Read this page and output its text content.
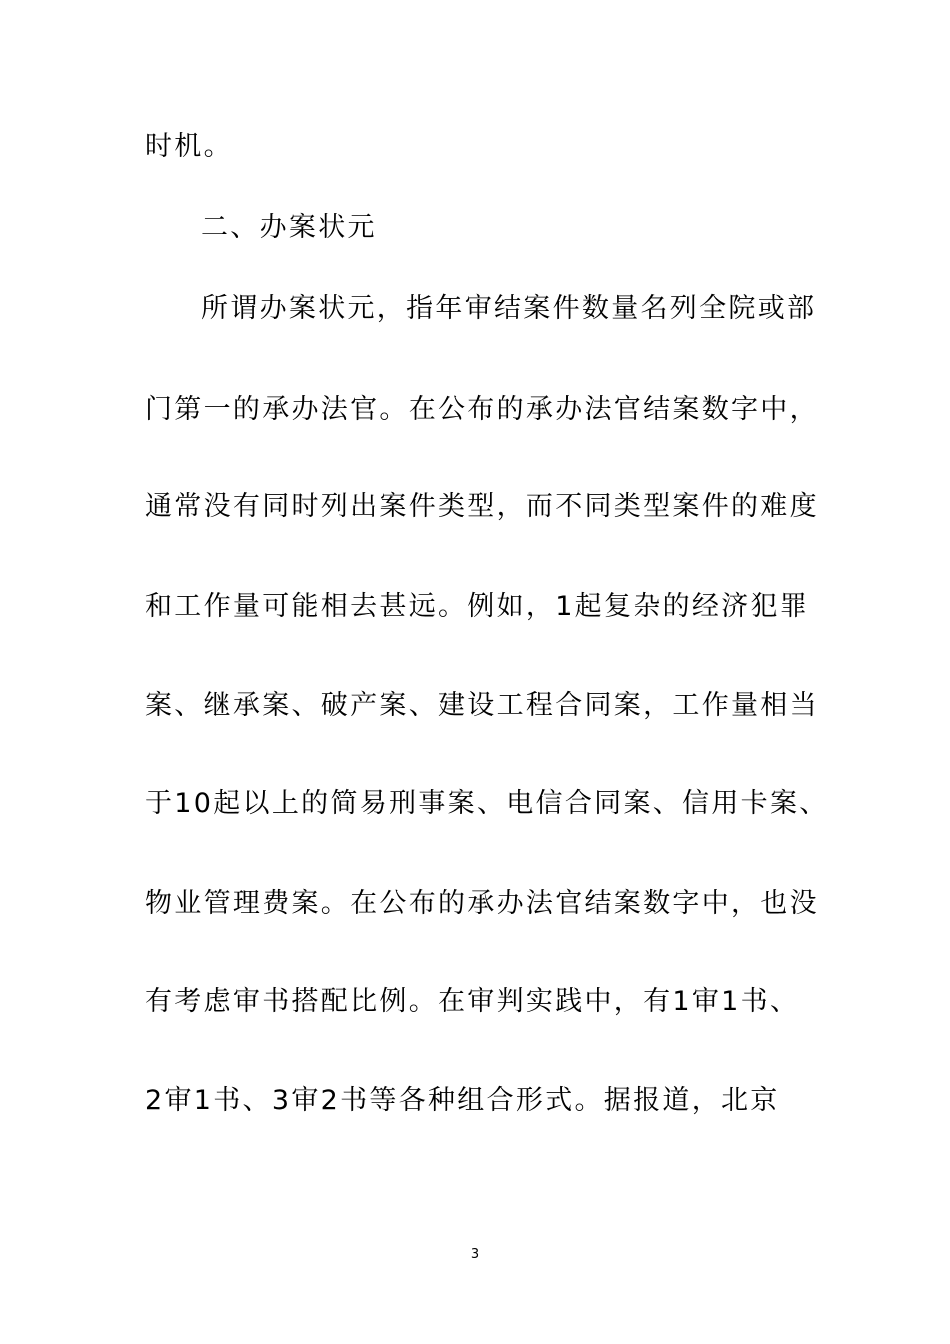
时机。
二、办案状元
所谓办案状元，指年审结案件数量名列全院或部
门第一的承办法官。在公布的承办法官结案数字中，
通常没有同时列出案件类型，而不同类型案件的难度
和工作量可能相去甚远。例如，1起复杂的经济犯罪
案、继承案、破产案、建设工程合同案，工作量相当
于10起以上的简易刑事案、电信合同案、信用卡案、
物业管理费案。在公布的承办法官结案数字中，也没
有考虑审书搭配比例。在审判实践中，有1审1书、
2审1书、3审2书等各种组合形式。据报道，北京
3
